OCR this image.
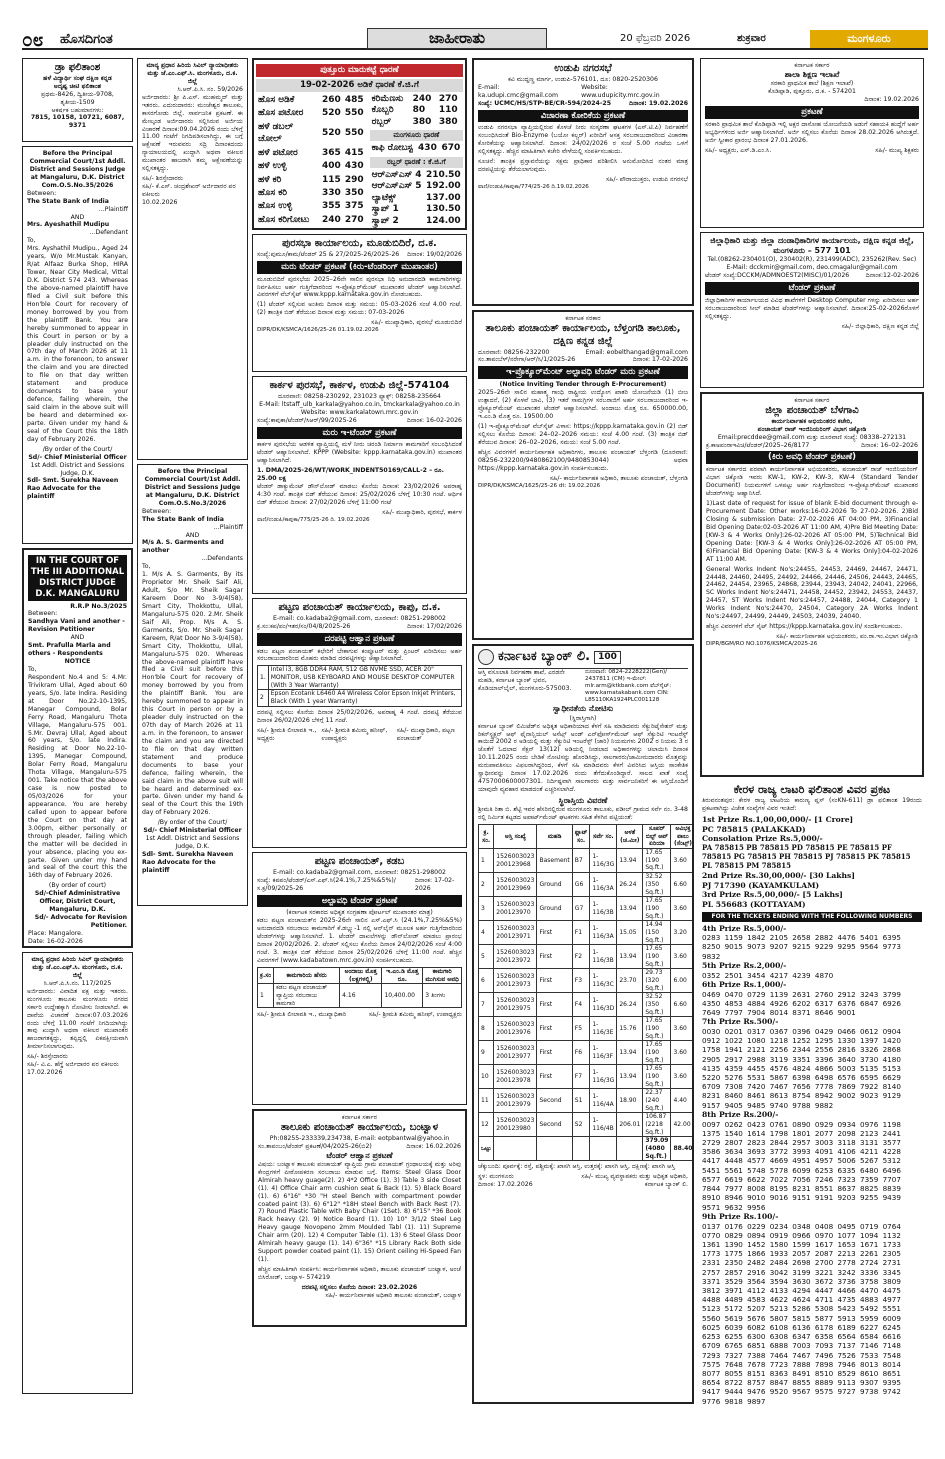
೦೮ ಹೊಸದಿಗಂತ	ಜಾಹೀರಾತು	20 ಫೆಬ್ರವರಿ 2026	ಶುಕ್ರವಾರ	ಮಂಗಳೂರು
ಡ್ರಾ ಫಲಿತಾಂಶ
ಹಳೆ ವಿದ್ಯಾರ್ಥಿ ಸಂಘ ದಕ್ಷಿಣ ಕನ್ನಡ
ಅದೃಷ್ಟ ಚೀಟಿ ಫಲಿತಾಂಶ
ಪ್ರಥಮ-8426, ದ್ವಿತೀಯ-9708, ತೃತೀಯ-1509
ಆಕರ್ಷಕ ಬಹುಮಾನಗಳು:
7815, 10158, 10721, 6087, 9371
Before the Principal Commercial Court/1st Addl. District and Sessions Judge at Mangaluru, D.K. District Com.O.S.No.35/2026
Between:
The State Bank of India
...Plaintiff
AND
Mrs. Ayeshathil Mudipu
...Defendant
To,

Mrs. Ayshathil Mudipu., Aged 24 years, W/o Mr.Mustak Kanyan, R/at Alfaaz Burka Shop, HIRA Tower, Near City Medical, Vittal D.K. District 574 243. Whereas the above-named plaintiff have filed a Civil suit before this Hon'ble Court for recovery of money borrowed by you from the plaintiff Bank. You are hereby summoned to appear in this Court in person or by a pleader duly instructed on the 07th day of March 2026 at 11 a.m. in the forenoon, to answer the claim and you are directed to file on that day written statement and produce documents to base your defence, failing wherein, the said claim in the above suit will be heard and determined ex-parte. Given under my hand & seal of the Court this the 18th day of February 2026.

/By order of the Court/
Sd/- Chief Ministerial Officer
1st Addl. District and Sessions Judge, D.K.
Sdl- Smt. Surekha Naveen Rao Advocate for the plaintiff
IN THE COURT OF THE III ADDITIONAL DISTRICT JUDGE D.K. MANGALURU
R.R.P No.3/2025
Between:
Sandhya Vani and another - Revision Petitioner
AND
Smt. Prafulla Marla and others - Respondents
NOTICE
To,

Respondent No.4 and 5: 4.Mr. Trivikram Ullal, Aged about 60 years, S/o. late Indira. Residing at Door No.22-10-1395, Manegar Compound, Bolar Ferry Road, Mangaluru Thota Village, Mangaluru-575 001. 5.Mr. Devraj Ullal, Aged about 60 years, S/o. late Indira. Residing at Door No.22-10-1395, Manegar Compound, Bolar Ferry Road, Mangaluru Thota Village, Mangaluru-575 001. Take notice that the above case is now posted to 05/03/2026 for your appearance. You are hereby called upon to appear before the Court on that day at 3.00pm, either personally or through pleader, failing which the matter will be decided in your absence, placing you ex-parte. Given under my hand and seal of the court this the 16th day of February 2026.

(By order of court)
Sd/-Chief Administrative Officer, District Court, Mangaluru, D.K.
Sd/- Advocate for Revision Petitioner.
Place: Mangalore.
Date: 16-02-2026
ಮಾನ್ಯ ಪ್ರಧಾನ ಹಿರಿಯ ಸಿವಿಲ್ ನ್ಯಾಯಾಧೀಶರು ಮತ್ತು ಜೆ.ಎಂ.ಎಫ್.ಸಿ. ಮಂಗಳೂರು, ದ.ಕ. ಜಿಲ್ಲೆ
ಸಿ.ಆರ್.ಪಿ.ಸಿ.ನಂ. 117/2025

ಅರ್ಜಿದಾರರು: ವಿವಾದಿತ ಪಕ್ಷ ಮತ್ತು ಇತರರು. ಮಂಗಳೂರು ತಾಲೂಕು ಮಂಗಳೂರು ನಗರದ ಸರ್ಕಾರಿ ಉದ್ದೇಶಕ್ಕಾಗಿ ನೋಟೀಸು ನೀಡಲಾಗಿದೆ. ಈ ದಾವೆಯ ವಿಚಾರಣೆ ದಿನಾಂಕ:07.03.2026 ರಂದು ಬೆಳಿಗ್ಗೆ 11.00 ಗಂಟೆಗೆ ನಿಗದಿಯಾಗಿದ್ದು ತಾವು ಖುದ್ದಾಗಿ ಅಥವಾ ವಕೀಲರ ಮುಖಾಂತರ ಹಾಜರಾಗತಕ್ಕದ್ದು, ತಪ್ಪಿದ್ದಲ್ಲಿ ಏಕಪಕ್ಷೀಯವಾಗಿ ತೀರ್ಮಾನಿಸಲಾಗುವುದು.

ಸಹಿ/- ಶಿರಸ್ತೇದಾರರು
ಸಹಿ/- ವಿ.ಎ. ಹೆಗ್ಡೆ ಅರ್ಜಿದಾರರ ಪರ ವಕೀಲರು
17.02.2026
ಮಾನ್ಯ ಪ್ರಧಾನ ಹಿರಿಯ ಸಿವಿಲ್ ನ್ಯಾಯಾಧೀಶರು ಮತ್ತು ಜೆ.ಎಂ.ಎಫ್.ಸಿ. ಮಂಗಳೂರು, ದ.ಕ. ಜಿಲ್ಲೆ
ಸಿ.ಆರ್.ಪಿ.ಸಿ. ನಂ. 59/2026

ಅರ್ಜಿದಾರರು: ಶ್ರೀ ಪಿ.ಎಸ್. ಮುಹಮ್ಮದ್ ಮತ್ತು ಇತರರು. ಎದುರುದಾರರು: ಮಂಜೇಶ್ವರ ತಾಲೂಕು, ಕಾಸರಗೋಡು ಜಿಲ್ಲೆ. ಸಾರ್ವಜನಿಕ ಪ್ರಕಟಣೆ. ಈ ಮೇಲ್ಕಂಡ ಅರ್ಜಿದಾರರು ಸಲ್ಲಿಸಿರುವ ಅರ್ಜಿಯ ವಿಚಾರಣೆ ದಿನಾಂಕ:09.04.2026 ರಂದು ಬೆಳಿಗ್ಗೆ 11.00 ಗಂಟೆಗೆ ನಿಗದಿಪಡಿಸಲಾಗಿದ್ದು, ಈ ಬಗ್ಗೆ ಆಕ್ಷೇಪಣೆ ಇರುವವರು ಸದ್ರಿ ದಿನಾಂಕದಂದು ನ್ಯಾಯಾಲಯದಲ್ಲಿ ಖುದ್ದಾಗಿ ಅಥವಾ ವಕೀಲರ ಮುಖಾಂತರ ಹಾಜರಾಗಿ ತಮ್ಮ ಆಕ್ಷೇಪಣೆಯನ್ನು ಸಲ್ಲಿಸತಕ್ಕದ್ದು.

ಸಹಿ/- ಶಿರಸ್ತೇದಾರರು
ಸಹಿ/- ಕೆ.ಎಸ್. ಚಂದ್ರಶೇಖರ್ ಅರ್ಜಿದಾರರ ಪರ ವಕೀಲರು
10.02.2026
Before the Principal Commercial Court/1st Addl. District and Sessions Judge at Mangaluru, D.K. District Com.O.S.No.3/2026
Between:
The State Bank of India
...Plaintiff
AND
M/s A. S. Garments and another
...Defendants
To,

1. M/s A. S. Garments, By its Proprietor Mr. Sheik Saif Ali, Adult, S/o Mr. Sheik Sagar Kareem Door No 3-9/4(58), Smart City, Thokkottu, Ullal, Mangaluru-575 020. 2.Mr. Sheik Saif Ali, Prop. M/s A. S. Garments, S/o. Mr. Sheik Sagar Kareem, R/at Door No 3-9/4(58), Smart City, Thokkottu, Ullal, Mangaluru-575 020. Whereas the above-named plaintiff have filed a Civil suit before this Hon'ble Court for recovery of money borrowed by you from the plaintiff Bank. You are hereby summoned to appear in this Court in person or by a pleader duly instructed on the 07th day of March 2026 at 11 a.m. in the forenoon, to answer the claim and you are directed to file on that day written statement and produce documents to base your defence, failing wherein, the said claim in the above suit will be heard and determined ex-parte. Given under my hand & seal of the Court this the 19th day of February 2026.

/By order of the Court/
Sd/- Chief Ministerial Officer
1st Addl. District and Sessions Judge, D.K.
Sdl- Smt. Surekha Naveen Rao Advocate for the plaintiff
ಪುತ್ತೂರು ಮಾರುಕಟ್ಟೆ ಧಾರಣೆ
19-02-2026 ಅಡಿಕೆ ಧಾರಣೆ ಕೆ.ಜಿ.ಗೆ
ಹೊಸ ಅಡಿಕೆ	260	485
ಹೊಸ ಪಟೋರ	520	550
ಹಳೆ ಡಬಲ್ ಚೋಲ್	520	550
ಹಳೆ ಪಟೋರ	365	415
ಹಳೆ ಉಳ್ಳಿ	400	430
ಹಳೆ ಕರಿ	115	290
ಹೊಸ ಕರಿ	330	350
ಹೊಸ ಉಳ್ಳಿ	355	375
ಹೊಸ ಕರಿಗೋಟು	240	270
ಕರಿಮೆಣಸು	240	270
ಕೊಬ್ಬರಿ	80	110
ರಬ್ಬರ್	380	380
ಮಂಗಳೂರು ಧಾರಣೆ
ಕಾಫಿ ರೋಬಸ್ಟ	430	670
ರಬ್ಬರ್ ಧಾರಣೆ : ಕೆ.ಜಿ.ಗೆ
ಆರ್‌ಎಸ್‌ಎಸ್ 4	210.50
ಆರ್‌ಎಸ್‌ಎಸ್ 5	192.00
ಲ್ಯಾಟೆಕ್ಸ್	137.00
ಸ್ಕ್ರಾಪ್ 1	130.50
ಸ್ಕ್ರಾಪ್ 2	124.00
ಪುರಸಭಾ ಕಾರ್ಯಾಲಯ, ಮೂಡುಬಿದಿರೆ, ದ.ಕ.
ಸಂಖ್ಯೆ:ಪುಮೂ/ಕಾಮ/ಟೆಂಡರ್ 25 & 27/2025-26/2025-26 ದಿನಾಂಕ: 19/02/2026
ಮರು ಟೆಂಡರ್ ಪ್ರಕಟಣೆ (ಕಿರು-ಟೆಂಡರಿಂಗ್ ಮುಖಾಂತರ)

ಮೂಡುಬಿದಿರೆ ಪುರಸಭೆಯ 2025–26ನೇ ಸಾಲಿನ ಪುರಸಭಾ ನಿಧಿ ಅನುದಾನದಡಿ ಕಾಮಗಾರಿಗಳನ್ನು ನಿರ್ವಹಿಸಲು ಅರ್ಹ ಗುತ್ತಿಗೆದಾರರಿಂದ ಇ-ಪ್ರೊಕ್ಯೂರ್‌ಮೆಂಟ್ ಮುಖಾಂತರ ಟೆಂಡರ್ ಆಹ್ವಾನಿಸಲಾಗಿದೆ. ವಿವರಗಳಿಗೆ ವೆಬ್‌ಸೈಟ್ www.kppp.karnataka.gov.in ನೋಡಬಹುದು.

(1) ಟೆಂಡರ್ ಸಲ್ಲಿಸುವ ಅಂತಿಮ ದಿನಾಂಕ ಮತ್ತು ಸಮಯ: 05-03-2026 ಸಂಜೆ 4.00 ಗಂಟೆ. (2) ತಾಂತ್ರಿಕ ಬಿಡ್ ತೆರೆಯುವ ದಿನಾಂಕ ಮತ್ತು ಸಮಯ: 07-03-2026

ಸಹಿ/- ಮುಖ್ಯಾಧಿಕಾರಿ, ಪುರಸಭೆ ಮೂಡುಬಿದಿರೆ
DIPR/DK/KSMCA/1626/25-26 01.19.02.2026
ಕಾರ್ಕಳ ಪುರಸಭೆ, ಕಾರ್ಕಳ, ಉಡುಪಿ ಜಿಲ್ಲೆ-574104
ದೂರವಾಣಿ: 08258-230292, 231023 ಫ್ಯಾಕ್ಸ್: 08258-235664
E-Mail: ltstaff_ulb_karkala@yahoo.co.in, tmckarkala@yahoo.co.in
Website: www.karkalatown.mrc.gov.in
ಸಂಖ್ಯೆ:ಕಾಪುಕಾ/ಟೆಂಡರ್/ಸಿಆರ್/99/2025-26	ದಿನಾಂಕ: 16-02-2026
ಮರು ಇ-ಟೆಂಡರ್ ಪ್ರಕಟಣೆ

ಕಾರ್ಕಳ ಪುರಸಭೆಯ ಆಡಳಿತ ವ್ಯಾಪ್ತಿಯಲ್ಲಿ ಮಳೆ ನೀರು ಚರಂಡಿ ನಿರ್ಮಾಣ ಕಾಮಗಾರಿಗೆ ಸಂಬಂಧಿಸಿದಂತೆ ಟೆಂಡರ್ ಆಹ್ವಾನಿಸಲಾಗಿದೆ. KPPP (Website: kppp.karnataka.gov.in) ಮುಖಾಂತರ ಆಹ್ವಾನಿಸಲಾಗಿದೆ.

1. DMA/2025-26/WT/WORK_INDENT50169/CALL-2 – ರೂ. 25.00 ಲಕ್ಷ

ಟೆಂಡರ್ ಡಾಕ್ಯುಮೆಂಟ್ ಡೌನ್‌ಲೋಡ್ ಮಾಡಲು ಕೊನೆಯ ದಿನಾಂಕ: 23/02/2026 ಅಪರಾಹ್ನ 4:30 ಗಂಟೆ. ತಾಂತ್ರಿಕ ಬಿಡ್ ತೆರೆಯುವ ದಿನಾಂಕ: 25/02/2026 ಬೆಳಿಗ್ಗೆ 10:30 ಗಂಟೆ. ಆರ್ಥಿಕ ಬಿಡ್ ತೆರೆಯುವ ದಿನಾಂಕ: 27/02/2026 ಬೆಳಿಗ್ಗೆ 11:00 ಗಂಟೆ

ಸಹಿ/- ಮುಖ್ಯಾಧಿಕಾರಿ, ಪುರಸಭೆ, ಕಾರ್ಕಳ
ವಾಣಿ/ಉಡುಪಿ/ಕಾಪುಕಾ/775/25-26 ದಿ. 19.02.2026
ಪಟ್ಟಣ ಪಂಚಾಯತ್ ಕಾರ್ಯಾಲಯ, ಕಾಪು, ದ.ಕ.
E-mail: co.kadaba2@gmail.com, ದೂರವಾಣಿ: 08251-298002
ಕ್ರ.ಸಂ:ಕಪ/ಪಂ/ಇತರ/ಸಂ/04/8/2025-26	ದಿನಾಂಕ: 17/02/2026
ದರಪಟ್ಟಿ ಆಹ್ವಾನ ಪ್ರಕಟಣೆ

ಕಡಬ ಪಟ್ಟಣ ಪಂಚಾಯತ್ ಕಛೇರಿಗೆ ಬೇಕಾಗುವ ಕಂಪ್ಯೂಟರ್ ಮತ್ತು ಪ್ರಿಂಟರ್ ಖರೀದಿಸಲು ಅರ್ಹ ಸರಬರಾಜುದಾರರಿಂದ ಮೊಹರು ಮಾಡಿದ ದರಪಟ್ಟಿಗಳನ್ನು ಆಹ್ವಾನಿಸಲಾಗಿದೆ.

1.	Intel i3, 8GB DDR4 RAM, 512 GB NVME SSD, ACER 20" MONITOR, USB KEYBOARD AND MOUSE DESKTOP COMPUTER (With 3 Year Warranty)
2	Epson Ecotank L6460 A4 Wireless Color Epson Inkjet Printers, Black (With 1 year Warranty)

ದರಪಟ್ಟಿ ಸಲ್ಲಿಸಲು ಕೊನೆಯ ದಿನಾಂಕ 25/02/2026, ಅಪರಾಹ್ನ 4 ಗಂಟೆ. ದರಪಟ್ಟಿ ತೆರೆಯುವ ದಿನಾಂಕ 26/02/2026 ಬೆಳಿಗ್ಗೆ 11 ಗಂಟೆ.

ಸಹಿ/- ಶ್ರೀಮತಿ ಲೀಲಾವತಿ ಇ., ಅಧ್ಯಕ್ಷರು
ಸಹಿ/- ಶ್ರೀಮತಿ ಶಮಿಮ್ಮ ಹನೀಫ್, ಉಪಾಧ್ಯಕ್ಷರು
ಸಹಿ/- ಮುಖ್ಯಾಧಿಕಾರಿ, ಪಟ್ಟಣ ಪಂಚಾಯತ್
ಪಟ್ಟಣ ಪಂಚಾಯತ್, ಕಡಬ
E-mail: co.kadaba2@gmail.com, ದೂರವಾಣಿ: 08251-298002
ಸಂಖ್ಯೆ: ಕಪಪಂ/ಟೆಂಡರ್/ಎಸ್.ಎಫ್.ಸಿ(24.1%,7.25%&5%)/ಸ.ಕ್ರ/09/2025-26
ದಿನಾಂಕ: 17-02-2026
ಅಲ್ಪಾವಧಿ ಟೆಂಡರ್ ಪ್ರಕಟಣೆ
(ಕರ್ನಾಟಕ ಸರಕಾರದ ಅಧಿಕೃತ ಸಂಗ್ರಹಣಾ ಪೋರ್ಟಲ್ ಮುಖಾಂತರ ಮಾತ್ರ)

ಕಡಬ ಪಟ್ಟಣ ಪಂಚಾಯತ್‌ನ 2025-26ನೇ ಸಾಲಿನ ಎಸ್.ಎಫ್.ಸಿ (24.1%,7.25%&5%) ಅನುದಾನದಡಿ ಸರಬರಾಜು ಕಾಮಗಾರಿಗೆ ಕೆ.ಡಬ್ಲ್ಯು-1 ನಲ್ಲಿ ಆನ್‌ಲೈನ್ ಮೂಲಕ ಅರ್ಹ ಗುತ್ತಿಗೆದಾರರಿಂದ ಟೆಂಡರ್‌ಗಳನ್ನು ಆಹ್ವಾನಿಸಲಾಗಿದೆ. 1. ಟೆಂಡರ್ ದಾಖಲೆಗಳನ್ನು ಡೌನ್‌ಲೋಡ್ ಮಾಡಲು ಪ್ರಾರಂಭ ದಿನಾಂಕ 20/02/2026. 2. ಟೆಂಡರ್ ಸಲ್ಲಿಸಲು ಕೊನೆಯ ದಿನಾಂಕ 24/02/2026 ಸಂಜೆ 4:00 ಗಂಟೆ. 3. ತಾಂತ್ರಿಕ ಬಿಡ್ ತೆರೆಯುವ ದಿನಾಂಕ 25/02/2026 ಬೆಳಿಗ್ಗೆ 11:00 ಗಂಟೆ. ಹೆಚ್ಚಿನ ವಿವರಗಳಿಗೆ (www.kadabatown.mrc.gov.in) ಸಂಪರ್ಕಿಸಬಹುದು.

ಕ್ರ.ಸಂ	ಕಾಮಗಾರಿಯ ಹೆಸರು	ಅಂದಾಜು ಮೊತ್ತ (ಲಕ್ಷಗಳಲ್ಲಿ)	ಇ.ಎಂ.ಡಿ ಮೊತ್ತ ರೂ.	ಕಾಮಗಾರಿ ಮುಗಿಸುವ ಅವಧಿ
1	ಕಡಬ ಪಟ್ಟಣ ಪಂಚಾಯತ್ ವ್ಯಾಪ್ತಿಯ ಸರಬರಾಜು ಕಾಮಗಾರಿ	4.16	10,400.00	3 ತಿಂಗಳು
ಸಹಿ/- ಶ್ರೀಮತಿ ಲೀಲಾವತಿ ಇ., ಮುಖ್ಯಾಧಿಕಾರಿ	ಸಹಿ/- ಶ್ರೀಮತಿ ಶಮಿಮ್ಮ ಹನೀಫ್, ಉಪಾಧ್ಯಕ್ಷರು
ಕರ್ನಾಟಕ ಸರ್ಕಾರ
ತಾಲೂಕು ಪಂಚಾಯತ್ ಕಾರ್ಯಾಲಯ, ಬಂಟ್ವಾಳ
Ph:08255-233339,234738, E-mail: eotpbantwal@yahoo.in
ಸಂ.ತಾಪಂಬಂ/ಟೆಂಡರ್ ಪ್ರಕಟಣೆ/04/2025-26(ಬಿ2)	ದಿನಾಂಕ: 16.02.2026
ಟೆಂಡರ್ ಆಹ್ವಾನ ಪ್ರಕಟಣೆ

ವಿಷಯ: ಬಂಟ್ವಾಳ ತಾಲೂಕು ಪಂಚಾಯತ್ ವ್ಯಾಪ್ತಿಯ ಗ್ರಾಮ ಪಂಚಾಯತ್ ಗ್ರಂಥಾಲಯಕ್ಕೆ ಮತ್ತು ಅರಿವು ಕೇಂದ್ರಗಳಿಗೆ ಪೀಠೋಪಕರಣ ಸರಬರಾಜು ಮಾಡುವ ಬಗ್ಗೆ. Items: Steel Glass Door Almirah heavy guage(2). 2) 4*2 Office (1). 3) Table 3 side Closet (1). 4) Office Chair arm cushion seat & Back (1). 5) Black Board (1). 6) 6"16" *30 "H steel Bench with compartment powder coated paint (3). 6) 6"12" *18H steel Bench with Back Rest (7). 7) Round Plastic Table with Baby Chair (1Set). 8) 6"15" *36 Book Rack heavy (2). 9) Notice Board (1). 10) 10" 3/1/2 Steel Leg Heavy gauge Novopeno 2mm Moulded Tabl (1). 11) Supreme Chair arm (20). 12) 4 Computer Table (1). 13) 6 Steel Glass Door Almirah heavy gauge (1). 14) 6"36" *15 Library Rack Both side Support powder coated paint (1). 15) Orient ceiling Hi-Speed Fan (1).

ಹೆಚ್ಚಿನ ಮಾಹಿತಿಗಾಗಿ ಸಂಪರ್ಕಿಸಿ: ಕಾರ್ಯನಿರ್ವಾಹಕ ಅಧಿಕಾರಿ, ತಾಲೂಕು ಪಂಚಾಯತ್ ಬಂಟ್ವಾಳ, ಅಂಚೆ ಬಿಸಿರೋಡ್, ಬಂಟ್ವಾಳ- 574219

ದರಪಟ್ಟಿ ಸಲ್ಲಿಸಲು ಕೊನೆಯ ದಿನಾಂಕ: 23.02.2026
ಸಹಿ/- ಕಾರ್ಯನಿರ್ವಾಹಕ ಅಧಿಕಾರಿ ತಾಲೂಕು ಪಂಚಾಯತ್, ಬಂಟ್ವಾಳ
ಉಡುಪಿ ನಗರಸಭೆ
ಕವಿ ಮುದ್ದಣ್ಣ ಮಾರ್ಗ, ಉಡುಪಿ-576101, ದೂ: 0820-2520306
E-mail: ka.udupi.cmc@gmail.com
Website: www.udupicity.mrc.gov.in
ಸಂಖ್ಯೆ: UCMC/HS/STP-BE/CR-594/2024-25	ದಿನಾಂಕ: 19.02.2026
ವಿಚಾರಣಾ ಕೋರಿಕೆಯ ಪ್ರಕಟಣೆ

ಉಡುಪಿ ನಗರಸಭಾ ವ್ಯಾಪ್ತಿಯಲ್ಲಿರುವ ಕೊಳಚೆ ನೀರು ಸಂಸ್ಕರಣಾ ಘಟಕಗಳ (ಎಸ್.ಟಿ.ಪಿ) ನಿರ್ವಹಣೆಗೆ ಸಂಬಂಧಿಸಿದಂತೆ Bio-Enzyme (ಬಯೋ ಕಲ್ಚರ್) ಖರೀದಿಗೆ ಆಸಕ್ತ ಸರಬರಾಜುದಾರರಿಂದ ವಿಚಾರಣಾ ಕೋರಿಕೆಯನ್ನು ಆಹ್ವಾನಿಸಲಾಗಿದೆ. ದಿನಾಂಕ: 24/02/2026 ರ ಸಂಜೆ 5.00 ಗಂಟೆಯ ಒಳಗೆ ಸಲ್ಲಿಸತಕ್ಕದ್ದು. ಹೆಚ್ಚಿನ ಮಾಹಿತಿಗಾಗಿ ಕಚೇರಿ ವೇಳೆಯಲ್ಲಿ ಸಂಪರ್ಕಿಸಬಹುದು.

ಸೂಚನೆ: ತಾಂತ್ರಿಕ ಪ್ರಸ್ತಾವನೆಯನ್ನು ಸಕ್ಷಮ ಪ್ರಾಧಿಕಾರ ಪರಿಶೀಲಿಸಿ ಅನುಮೋದಿಸಿದ ನಂತರ ಮಾತ್ರ ದರಪಟ್ಟಿಯನ್ನು ತೆರೆಯಲಾಗುವುದು.

ಸಹಿ/- ಪೌರಾಯುಕ್ತರು, ಉಡುಪಿ ನಗರಸಭೆ
ವಾಣಿ/ಉಡುಪಿ/ಕಾಪುಕಾ/774/25-26 ದಿ.19.02.2026
ಕರ್ನಾಟಕ ಸರಕಾರ
ತಾಲೂಕು ಪಂಚಾಯತ್ ಕಾರ್ಯಾಲಯ, ಬೆಳ್ತಂಗಡಿ ತಾಲೂಕು, ದಕ್ಷಿಣ ಕನ್ನಡ ಜಿಲ್ಲೆ
ದೂರವಾಣಿ: 08256-232200	Email: eobelthangad@gmail.com
ಸಂ.ತಾಪಂಬೆಳ್/ನರೇಗಾ/ಆರ್/ಸಿ/1/2025-26	ದಿನಾಂಕ: 17-02-2026
ಇ-ಪ್ರೊಕ್ಯೂರ್‌ಮೆಂಟ್ ಅಲ್ಪಾವಧಿ ಟೆಂಡರ್ ಮರು ಪ್ರಕಟಣೆ
(Notice Inviting Tender through E-Procurement)

2025–26ನೇ ಸಾಲಿನ ಮಹಾತ್ಮ ಗಾಂಧಿ ರಾಷ್ಟ್ರೀಯ ಉದ್ಯೋಗ ಖಾತರಿ ಯೋಜನೆಯಡಿ (1) ಬೀಜ ಉತ್ಪಾದನೆ, (2) ಕೊಳವೆ ಬಾವಿ, (3) ಇತರೆ ಸಾಮಗ್ರಿಗಳ ಸರಬರಾಜಿಗೆ ಅರ್ಹ ಸರಬರಾಜುದಾರರಿಂದ ಇ-ಪ್ರೊಕ್ಯೂರ್‌ಮೆಂಟ್ ಮುಖಾಂತರ ಟೆಂಡರ್ ಆಹ್ವಾನಿಸಲಾಗಿದೆ. ಅಂದಾಜು ಮೊತ್ತ ರೂ. 650000.00, ಇ.ಎಂ.ಡಿ ಮೊತ್ತ ರೂ. 19500.00

(1) ಇ-ಪ್ರೊಕ್ಯೂರ್‌ಮೆಂಟ್ ವೆಬ್‌ಸೈಟ್ ವಿಳಾಸ: https://kppp.karnataka.gov.in (2) ಬಿಡ್ ಸಲ್ಲಿಸಲು ಕೊನೆಯ ದಿನಾಂಕ: 24–02–2026 ಸಮಯ: ಸಂಜೆ 4.00 ಗಂಟೆ. (3) ತಾಂತ್ರಿಕ ಬಿಡ್ ತೆರೆಯುವ ದಿನಾಂಕ: 26–02–2026, ಸಮಯ: ಸಂಜೆ 5.00 ಗಂಟೆ.

ಹೆಚ್ಚಿನ ವಿವರಗಳಿಗೆ ಕಾರ್ಯನಿರ್ವಾಹಕ ಅಧಿಕಾರಿಗಳು, ತಾಲೂಕು ಪಂಚಾಯತ್ ಬೆಳ್ತಂಗಡಿ (ದೂರವಾಣಿ: 08256-232200/9480862100/9480853044) ಅಥವಾ https://kppp.karnataka.gov.in ಸಂಪರ್ಕಿಸಬಹುದು.

ಸಹಿ/- ಕಾರ್ಯನಿರ್ವಾಹಕ ಅಧಿಕಾರಿ, ತಾಲೂಕು ಪಂಚಾಯತ್, ಬೆಳ್ತಂಗಡಿ
DIPR/DK/KSMCA/1625/25-26 dt: 19.02.2026
ಕರ್ನಾಟಕ ಬ್ಯಾಂಕ್ ಲಿ. 100
ಆಸ್ತಿ ವಸೂಲಾತಿ ನಿರ್ವಹಣಾ ಶಾಖೆ, ಎರಡನೇ ಮಹಡಿ, ಕರ್ನಾಟಕ ಬ್ಯಾಂಕ್ ಭವನ, ಕೊಡಿಯಾಲ್‌ಬೈಲ್, ಮಂಗಳೂರು-575003.
ದೂರವಾಣಿ: 0824-2228222(Gen)/ 2437811 (CM) ಇ-ಮೇಲ್: mlr.arm@ktkbank.com ವೆಬ್‌ಸೈಟ್: www.karnatakabank.com CIN: L85110KA1924PLC001128
ಸ್ವಾಧೀನತೆಯ ನೋಟಿಸು
(ಸ್ಥಿರಾಸ್ತಿಗಾಗಿ)

ಕರ್ನಾಟಕ ಬ್ಯಾಂಕ್ ಲಿಮಿಟೆಡ್‌ನ ಅಧಿಕೃತ ಅಧಿಕಾರಿಯಾದ ಕೆಳಗೆ ಸಹಿ ಮಾಡಿದವರು ಸೆಕ್ಯುರಿಟೈಸೇಶನ್ ಮತ್ತು ರಿಕನ್‌ಸ್ಟ್ರಕ್ಷನ್ ಆಫ್ ಫೈನಾನ್ಷಿಯಲ್ ಅಸೆಟ್ಸ್ ಅಂಡ್ ಎನ್‌ಫೋರ್ಸ್‌ಮೆಂಟ್ ಆಫ್ ಸೆಕ್ಯುರಿಟಿ ಇಂಟರೆಸ್ಟ್ ಕಾಯಿದೆ 2002 ರ ಅಡಿಯಲ್ಲಿ ಮತ್ತು ಸೆಕ್ಯುರಿಟಿ ಇಂಟರೆಸ್ಟ್ (ಜಾರಿ) ನಿಯಮಗಳು 2002 ರ ನಿಯಮ 3 ರ ಜೊತೆಗೆ ಓದಲಾದ ಸೆಕ್ಷನ್ 13(12) ಅಡಿಯಲ್ಲಿ ನೀಡಲಾದ ಅಧಿಕಾರಗಳನ್ನು ಚಲಾಯಿಸಿ ದಿನಾಂಕ 10.11.2025 ರಂದು ಬೇಡಿಕೆ ನೋಟಿಸನ್ನು ಹೊರಡಿಸಿದ್ದು, ಸಾಲಗಾರರು/ಜಾಮೀನುದಾರರು ಮೊತ್ತವನ್ನು ಮರುಪಾವತಿಸಲು ವಿಫಲರಾಗಿದ್ದರಿಂದ, ಕೆಳಗೆ ಸಹಿ ಮಾಡಿದವರು ಕೆಳಗೆ ವಿವರಿಸಿದ ಆಸ್ತಿಯ ಸಾಂಕೇತಿಕ ಸ್ವಾಧೀನವನ್ನು ದಿನಾಂಕ 17.02.2026 ರಂದು ತೆಗೆದುಕೊಂಡಿದ್ದಾರೆ. ಸಾಲದ ಖಾತೆ ಸಂಖ್ಯೆ 4757000600007301. ನಿರ್ದಿಷ್ಟವಾಗಿ ಸಾಲಗಾರರು ಮತ್ತು ಸಾರ್ವಜನಿಕರಿಗೆ ಈ ಆಸ್ತಿಯೊಂದಿಗೆ ಯಾವುದೇ ವ್ಯವಹಾರ ಮಾಡದಂತೆ ಎಚ್ಚರಿಸಲಾಗಿದೆ.

ಸ್ಥಿರಾಸ್ತಿಯ ವಿವರಣೆ

ಶ್ರೀಮತಿ ರಿತಾ ಬಿ. ಶೆಟ್ಟಿ ಇವರ ಹೆಸರಿನಲ್ಲಿರುವ ಮಂಗಳೂರು ತಾಲೂಕು, ಪಡೀಲ್ ಗ್ರಾಮದ ಸರ್ವೆ ನಂ. 3-48 ರಲ್ಲಿ ನಿರ್ಮಿತ ಕಟ್ಟಡದ ಅಪಾರ್ಟ್‌ಮೆಂಟ್ ಘಟಕಗಳು ಸಹಿತ ಕೆಳಗಿನ ಪಟ್ಟಿಯಂತೆ:

ಕ್ರ. ಸಂ.	ಅಸ್ತಿ ಸಂಖ್ಯೆ	ಮಹಡಿ	ಫ್ಲಾಟ್ ಸಂ.	ಸರ್ವೆ ಸಂ.	ಅಳತೆ (ಚ.ಮೀ)	ಸೂಪರ್ ಬಿಲ್ಟ್ ಅಪ್ ಏರಿಯಾ	ಅವಿಭಕ್ತ ಪಾಲು (ಸೆಂಟ್ಸ್)
1	1526003023 200123968	Basement	B7	1-116/3G	13.94	17.65 (190 Sq.ft.)	3.60
2	1526003023 200123969	Ground	G6	1-116/3A	26.24	32.52 (350 Sq.ft.)	6.60
3	1526003023 200123970	Ground	G7	1-116/3B	13.94	17.65 (190 Sq.ft.)	3.60
4	1526003023 200123971	First	F1	1-116/3A	15.05	14.94 (150 Sq.ft.)	3.20
5	1526003023 200123972	First	F2	1-116/3B	13.94	17.65 (190 Sq.ft.)	3.60
6	1526003023 200123973	First	F3	1-116/3C	23.70	29.73 (320 Sq.ft.)	6.00
7	1526003023 200123975	First	F4	1-116/3D	26.24	32.52 (350 Sq.ft.)	6.60
8	1526003023 200123976	First	F5	1-116/3E	15.76	17.65 (190 Sq.ft.)	3.60
9	1526003023 200123977	First	F6	1-116/3F	13.94	17.65 (190 Sq.ft.)	3.60
10	1526003023 200123978	First	F7	1-116/3G	13.94	17.65 (190 Sq.ft.)	3.60
11	1526003023 200123979	Second	S1	1-116/4A	18.90	22.37 (240 Sq.ft.)	4.40
12	1526003023 200123980	Second	S2	1-116/4B	206.01	106.87 (2218 Sq.ft.)	42.00
ಒಟ್ಟು						379.09 (4080 Sq.ft.)	88.40

ಚೆಕ್ಕುಬಂದಿ: ಪೂರ್ವಕ್ಕೆ: ರಸ್ತೆ, ಪಶ್ಚಿಮಕ್ಕೆ: ಖಾಸಗಿ ಆಸ್ತಿ, ಉತ್ತರಕ್ಕೆ: ಖಾಸಗಿ ಆಸ್ತಿ, ದಕ್ಷಿಣಕ್ಕೆ: ಖಾಸಗಿ ಆಸ್ತಿ

ಸ್ಥಳ: ಮಂಗಳೂರು
ದಿನಾಂಕ: 17.02.2026
ಸಹಿ/- ಮುಖ್ಯ ವ್ಯವಸ್ಥಾಪಕರು ಮತ್ತು ಅಧಿಕೃತ ಅಧಿಕಾರಿ, ಕರ್ನಾಟಕ ಬ್ಯಾಂಕ್ ಲಿ.
ಕರ್ನಾಟಕ ಸರ್ಕಾರ
ಶಾಲಾ ಶಿಕ್ಷಣ ಇಲಾಖೆ
ಸರಕಾರಿ ಪ್ರಾಥಮಿಕ ಶಾಲೆ (ಶಿಕ್ಷಣ ಇಲಾಖೆ)
ಕೊಡಿಪ್ಪಾಡಿ, ಪುತ್ತೂರು, ದ.ಕ. - 574201
ದಿನಾಂಕ: 19.02.2026
ಪ್ರಕಟಣೆ

ಸರಕಾರಿ ಪ್ರಾಥಮಿಕ ಶಾಲೆ ಕೊಡಿಪ್ಪಾಡಿ ಇಲ್ಲಿ ಅಕ್ಷರ ದಾಸೋಹ ಯೋಜನೆಯಡಿ ಅಡುಗೆ ಸಹಾಯಕಿ ಹುದ್ದೆಗೆ ಅರ್ಹ ಅಭ್ಯರ್ಥಿಗಳಿಂದ ಅರ್ಜಿ ಆಹ್ವಾನಿಸಲಾಗಿದೆ. ಅರ್ಜಿ ಸಲ್ಲಿಸಲು ಕೊನೆಯ ದಿನಾಂಕ 28.02.2026 ಆಗಿರುತ್ತದೆ. ಅರ್ಜಿ ಸ್ವೀಕಾರ ಪ್ರಾರಂಭ ದಿನಾಂಕ 27.01.2026.

ಸಹಿ/- ಅಧ್ಯಕ್ಷರು, ಎಸ್.ಡಿ.ಎಂ.ಸಿ.	ಸಹಿ/- ಮುಖ್ಯ ಶಿಕ್ಷಕರು
ಜಿಲ್ಲಾಧಿಕಾರಿ ಮತ್ತು ಜಿಲ್ಲಾ ದಂಡಾಧಿಕಾರಿಗಳ ಕಾರ್ಯಾಲಯ, ದಕ್ಷಿಣ ಕನ್ನಡ ಜಿಲ್ಲೆ, ಮಂಗಳೂರು – 577 101
Tel.(08262-230401(O), 230402(R), 231499(ADC), 235262(Rev. Sec)
E-Mail: dcckmir@gmail.com, deo.cmagalur@gmail.com
ಟೆಂಡರ್ ಸಂಖ್ಯೆ:DCCKM/ADMNOEST2(MISC)/01/2026	ದಿನಾಂಕ:12-02-2026
ಟೆಂಡರ್ ಪ್ರಕಟಣೆ

ಜಿಲ್ಲಾಧಿಕಾರಿಗಳ ಕಾರ್ಯಾಲಯದ ವಿವಿಧ ಶಾಖೆಗಳಿಗೆ Desktop Computer ಗಳನ್ನು ಖರೀದಿಸಲು ಅರ್ಹ ಸರಬರಾಜುದಾರರಿಂದ ಸೀಲ್ ಮಾಡಿದ ಟೆಂಡರ್‌ಗಳನ್ನು ಆಹ್ವಾನಿಸಲಾಗಿದೆ. ದಿನಾಂಕ:25-02-2026ರೊಳಗೆ ಸಲ್ಲಿಸತಕ್ಕದ್ದು.

ಸಹಿ/- ಜಿಲ್ಲಾಧಿಕಾರಿ, ದಕ್ಷಿಣ ಕನ್ನಡ ಜಿಲ್ಲೆ
ಕರ್ನಾಟಕ ಸರ್ಕಾರ
ಜಿಲ್ಲಾ ಪಂಚಾಯತ್ ಬೆಳಗಾವಿ
ಕಾರ್ಯನಿರ್ವಾಹಕ ಅಭಿಯಂತರರ ಕಚೇರಿ,
ಪಂಚಾಯತ್ ರಾಜ್ ಇಂಜಿನಿಯರಿಂಗ್ ವಿಭಾಗ ಚಿಕ್ಕೋಡಿ
Email:precddee@gmail.com ಮತ್ತು ದೂರವಾಣಿ ಸಂಖ್ಯೆ: 08338–272131
ಕ್ರ.ಕಾಅಪಂರಾಇವಿಚಿ/ಟೆಂಡರ್/2025–26/8177	ದಿನಾಂಕ: 16–02–2026
(ಕಿರು ಅವಧಿ ಟೆಂಡರ್ ಪ್ರಕಟಣೆ)

ಕರ್ನಾಟಕ ಸರ್ಕಾರದ ಪರವಾಗಿ ಕಾರ್ಯನಿರ್ವಾಹಕ ಅಭಿಯಂತರರು, ಪಂಚಾಯತ್ ರಾಜ್ ಇಂಜಿನಿಯರಿಂಗ್ ವಿಭಾಗ ಚಿಕ್ಕೋಡಿ ಇವರು KW-1, KW-2, KW-3, KW-4 (Standard Tender Document) ನಿಯಮಗಳಿಗೆ ಒಳಪಟ್ಟು ಅರ್ಹ ಗುತ್ತಿಗೆದಾರರಿಂದ ಇ-ಪ್ರೊಕ್ಯೂರ್‌ಮೆಂಟ್ ಮುಖಾಂತರ ಟೆಂಡರ್‌ಗಳನ್ನು ಆಹ್ವಾನಿಸಿದೆ.

1)Last date of request for issue of blank E-bid document through e-Procurement Date: Other works:16-02-2026 To 27-02-2026. 2)Bid Closing & submission Date: 27-02-2026 AT 04:00 PM, 3)Financial Bid Opening Date:02-03-2026 AT 11:00 AM, 4)Pre Bid Meeting Date: [KW-3 & 4 Works Only]:26-02-2026 AT 05:00 PM, 5)Technical Bid Opening Date: [KW-3 & 4 Works Only]:26-02-2026 AT 05:00 PM, 6)Financial Bid Opening Date: [KW-3 & 4 Works Only]:04-02-2026 AT 11:00 AM.

General Works Indent No's:24455, 24453, 24469, 24467, 24471, 24448, 24460, 24495, 24492, 24466, 24446, 24506, 24443, 24465, 24462, 24454, 23965, 24868, 23944, 23943, 24042, 24041, 22966, SC Works Indent No's:24471, 24458, 24452, 23942, 24553, 24437, 24457, ST Works Indent No's:24457, 24488, 24044, Category 1 Works Indent No's:24470, 24504, Category 2A Works Indent No's:24497, 24499, 24449, 24503, 24039, 24040.

ಹೆಚ್ಚಿನ ವಿವರಗಳಿಗೆ ವೆಬ್ ಸೈಟ್ https://kppp.karnataka.gov.in/ ಸಂದರ್ಶಿಸಬಹುದು.

ಸಹಿ/- ಕಾರ್ಯನಿರ್ವಾಹಕ ಅಭಿಯಂತರರು, ಪಂ.ರಾ.ಇಂ.ವಿಭಾಗ ಚಿಕ್ಕೋಡಿ
DIPR/BGM/RO NO.1076/KSMCA/2025-26
ಕೇರಳ ರಾಜ್ಯ ಲಾಟರಿ ಫಲಿತಾಂಶ ವಿವರ ಪ್ರಕಟ

ತಿರುವನಂತಪುರ: ಕೇರಳ ರಾಜ್ಯ ಲಾಟರಿಯ ಕಾರುಣ್ಯ ಪ್ಲಸ್ (ಸಂKN-611) ಡ್ರಾ ಫಲಿತಾಂಶ 19ರಂದು ಪ್ರಕಟವಾಗಿದ್ದು ವಿಜೇತ ಸಂಖ್ಯೆಗಳ ವಿವರ ಇಂತಿದೆ:

1st Prize Rs.1,00,00,000/- [1 Crore]
PC 785815 (PALAKKAD)
Consolation Prize Rs.5,000/-
PA 785815 PB 785815 PD 785815 PE 785815 PF 785815 PG 785815 PH 785815 PJ 785815 PK 785815 PL 785815 PM 785815
2nd Prize Rs.30,00,000/- [30 Lakhs]
PJ 717390 (KAYAMKULAM)
3rd Prize Rs.5,00,000/- [5 Lakhs]
PL 556683 (KOTTAYAM)
FOR THE TICKETS ENDING WITH THE FOLLOWING NUMBERS
4th Prize Rs.5,000/-
0283 1159 1842 2105 2658 2882 4476 5401 6395 8250 9015 9073 9207 9215 9229 9295 9564 9773 9832
5th Prize Rs.2,000/-
0352 2501 3454 4217 4239 4870
6th Prize Rs.1,000/-
0469 0470 0729 1139 2631 2760 2912 3243 3799 4350 4853 4884 4926 6202 6317 6376 6847 6926 7649 7797 7904 8014 8371 8646 9001
7th Prize Rs.500/-
0030 0201 0317 0367 0396 0429 0466 0612 0904 0912 1022 1080 1218 1252 1295 1330 1397 1420 1758 1941 2121 2256 2344 2556 2816 3326 2868 2905 2917 2988 3119 3351 3396 3640 3730 4180 4135 4359 4455 4576 4824 4866 5003 5135 5153 5220 5276 5531 5867 6398 6498 6576 6595 6629 6709 7308 7420 7467 7656 7778 7869 7922 8140 8231 8460 8461 8613 8754 8942 9002 9023 9129 9157 9405 9485 9740 9788 9882
8th Prize Rs.200/-
0097 0262 0423 0761 0890 0929 0934 0976 1198 1375 1540 1614 1798 1801 2077 2098 2123 2441 2729 2807 2823 2844 2957 3003 3118 3131 3577 3586 3634 3693 3772 3993 4091 4106 4211 4228 4417 4448 4577 4669 4951 4957 5006 5267 5312 5451 5561 5748 5778 6099 6253 6335 6480 6496 6577 6619 6622 7022 7056 7246 7323 7359 7707 7844 7977 8008 8195 8231 8551 8637 8825 8839 8910 8946 9010 9016 9151 9191 9203 9255 9439 9571 9632 9956
9th Prize Rs.100/-
0137 0176 0229 0234 0348 0408 0495 0719 0764 0770 0829 0894 0919 0966 0970 1077 1094 1132 1361 1390 1452 1580 1599 1617 1653 1671 1733 1773 1775 1866 1933 2057 2087 2213 2261 2305 2331 2350 2482 2484 2698 2700 2778 2724 2731 2757 2857 2916 3042 3199 3221 3242 3336 3345 3371 3529 3564 3594 3630 3672 3736 3758 3809 3812 3971 4112 4133 4294 4447 4466 4470 4475 4488 4489 4583 4622 4624 4711 4735 4883 4977 5123 5172 5207 5213 5286 5308 5423 5492 5551 5560 5619 5676 5807 5815 5877 5913 5959 6009 6025 6039 6082 6108 6136 6178 6189 6227 6245 6253 6255 6300 6308 6347 6358 6564 6584 6616 6709 6765 6851 6888 7003 7093 7137 7146 7148 7293 7327 7388 7464 7467 7496 7526 7533 7548 7575 7648 7678 7723 7888 7898 7946 8013 8014 8077 8055 8151 8363 8491 8510 8529 8610 8651 8654 8722 8757 8847 8855 8889 9113 9307 9395 9417 9444 9476 9520 9567 9575 9727 9738 9742 9776 9818 9897
